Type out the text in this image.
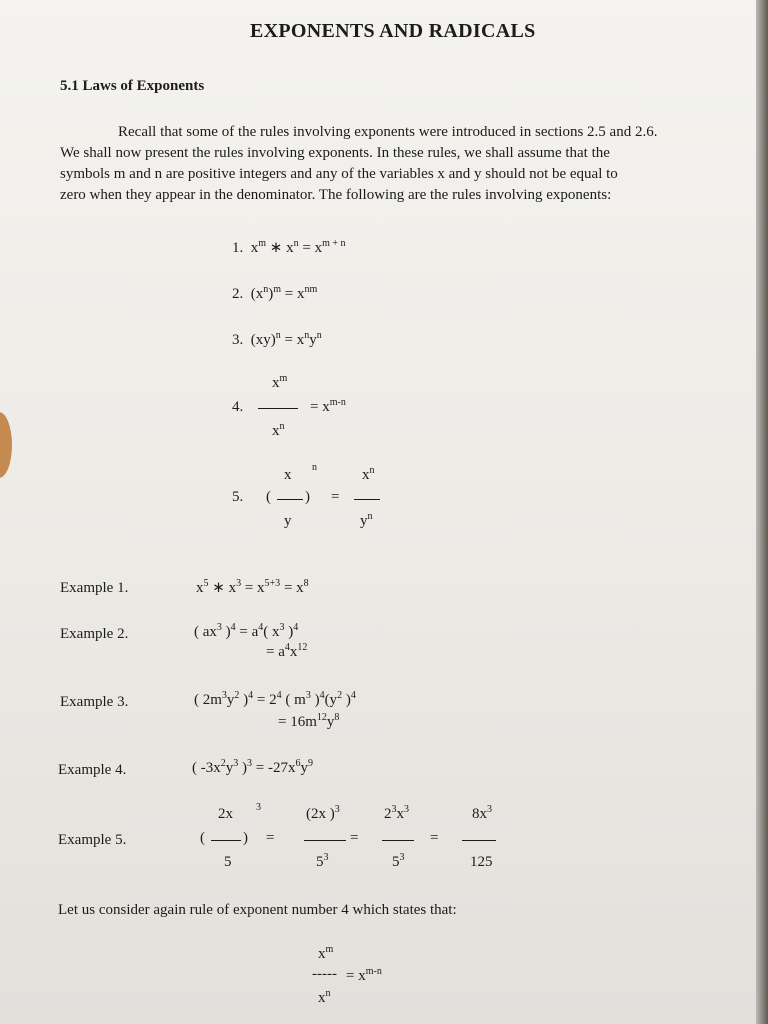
EXPONENTS AND RADICALS
5.1 Laws of Exponents
Recall that some of the rules involving exponents were introduced in sections 2.5 and 2.6.
We shall now present the rules involving exponents. In these rules, we shall assume that the
symbols m and n are positive integers and any of the variables x and y should not be equal to
zero when they appear in the denominator. The following are the rules involving exponents:
1. $x^m$ ∗ $x^n = x^{m + n}$
2. $(x^n)^m = x^{nm}$
3. $(xy)^n = x^ny^n$
$x^m$
4.	= $x^{m-n}$
$x^n$
x n	$x^n$
5. ( ) =
y	$y^n$
Example 1.	$x^5$ ∗ $x^3 = x^{5+3} = x^8$
Example 2.	( $ax^3$ )$^4 = a^4$( $x^3$ )$^4$
= $a^4x^{12}$
Example 3.	( $2m^3y^2$ )$^4 = 2^4$ ( $m^3$ )$^4(y^2$ )$^4$
= $16m^{12}y^8$
Example 4.	( $-3x^2y^3$ )$^3 = -27x^6y^9$
2x 3	(2x )$^3$	$2^3x^3$	$8x^3$
Example 5.	(	) =	=	=
5	$5^3$	$5^3$	125
Let us consider again rule of exponent number 4 which states that:
$x^m$
----- = $x^{m-n}$
$x^n$
